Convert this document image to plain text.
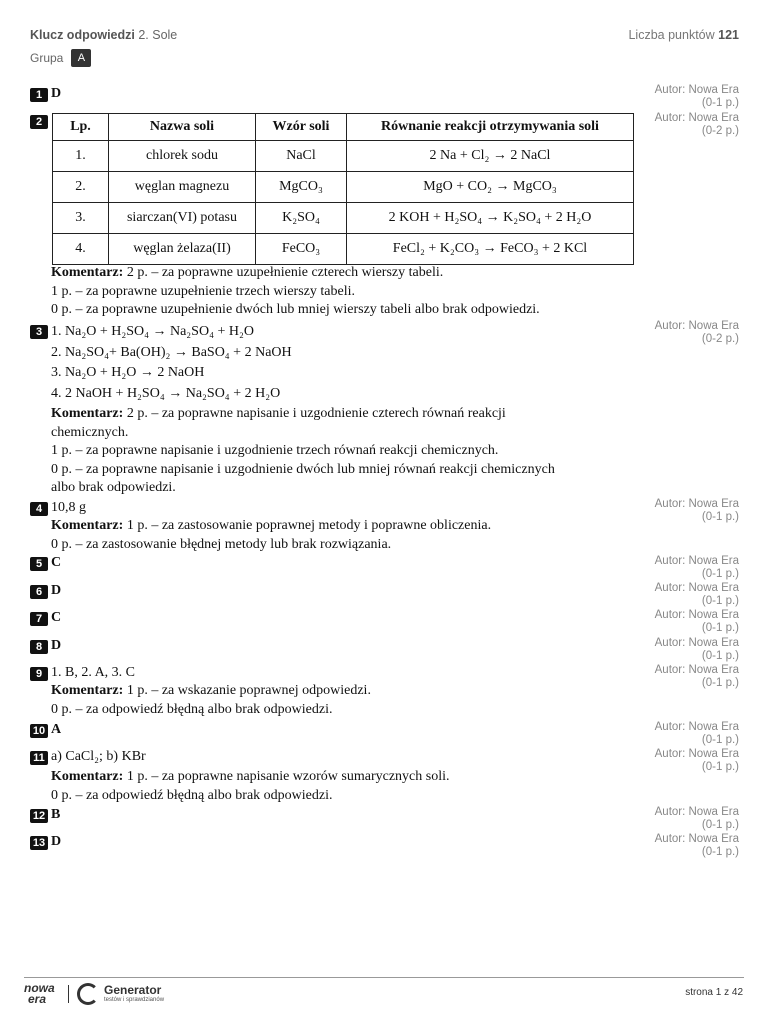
Klucz odpowiedzi 2. Sole	Liczba punktów 121
Grupa	A
1 D	Autor: Nowa Era
(0-1 p.)
2	Autor: Nowa Era
(0-2 p.)
Lp.	Nazwa soli	Wzór soli	Równanie reakcji otrzymywania soli
1.	chlorek sodu	NaCl	2 Na + Cl₂ → 2 NaCl
2.	węglan magnezu	MgCO₃	MgO + CO₂ → MgCO₃
3.	siarczan(VI) potasu	K₂SO₄	2 KOH + H₂SO₄ → K₂SO₄ + 2 H₂O
4.	węglan żelaza(II)	FeCO₃	FeCl₂ + K₂CO₃ → FeCO₃ + 2 KCl
Komentarz: 2 p. – za poprawne uzupełnienie czterech wierszy tabeli.
1 p. – za poprawne uzupełnienie trzech wierszy tabeli.
0 p. – za poprawne uzupełnienie dwóch lub mniej wierszy tabeli albo brak odpowiedzi.
3	Autor: Nowa Era
(0-2 p.)
1. Na₂O + H₂SO₄ → Na₂SO₄ + H₂O
2. Na₂SO₄+ Ba(OH)₂ → BaSO₄ + 2 NaOH
3. Na₂O + H₂O → 2 NaOH
4. 2 NaOH + H₂SO₄ → Na₂SO₄ + 2 H₂O
Komentarz: 2 p. – za poprawne napisanie i uzgodnienie czterech równań reakcji
chemicznych.
1 p. – za poprawne napisanie i uzgodnienie trzech równań reakcji chemicznych.
0 p. – za poprawne napisanie i uzgodnienie dwóch lub mniej równań reakcji chemicznych
albo brak odpowiedzi.
4 10,8 g	Autor: Nowa Era
(0-1 p.)
Komentarz: 1 p. – za zastosowanie poprawnej metody i poprawne obliczenia.
0 p. – za zastosowanie błędnej metody lub brak rozwiązania.
5 C	Autor: Nowa Era
(0-1 p.)
6 D	Autor: Nowa Era
(0-1 p.)
7 C	Autor: Nowa Era
(0-1 p.)
8 D	Autor: Nowa Era
(0-1 p.)
9 1. B, 2. A, 3. C	Autor: Nowa Era
(0-1 p.)
Komentarz: 1 p. – za wskazanie poprawnej odpowiedzi.
0 p. – za odpowiedź błędną albo brak odpowiedzi.
10 A	Autor: Nowa Era
(0-1 p.)
11 a) CaCl₂; b) KBr	Autor: Nowa Era
(0-1 p.)
Komentarz: 1 p. – za poprawne napisanie wzorów sumarycznych soli.
0 p. – za odpowiedź błędną albo brak odpowiedzi.
12 B	Autor: Nowa Era
(0-1 p.)
13 D	Autor: Nowa Era
(0-1 p.)
nowa
era
Generator
testów i sprawdzianów
strona 1 z 42
